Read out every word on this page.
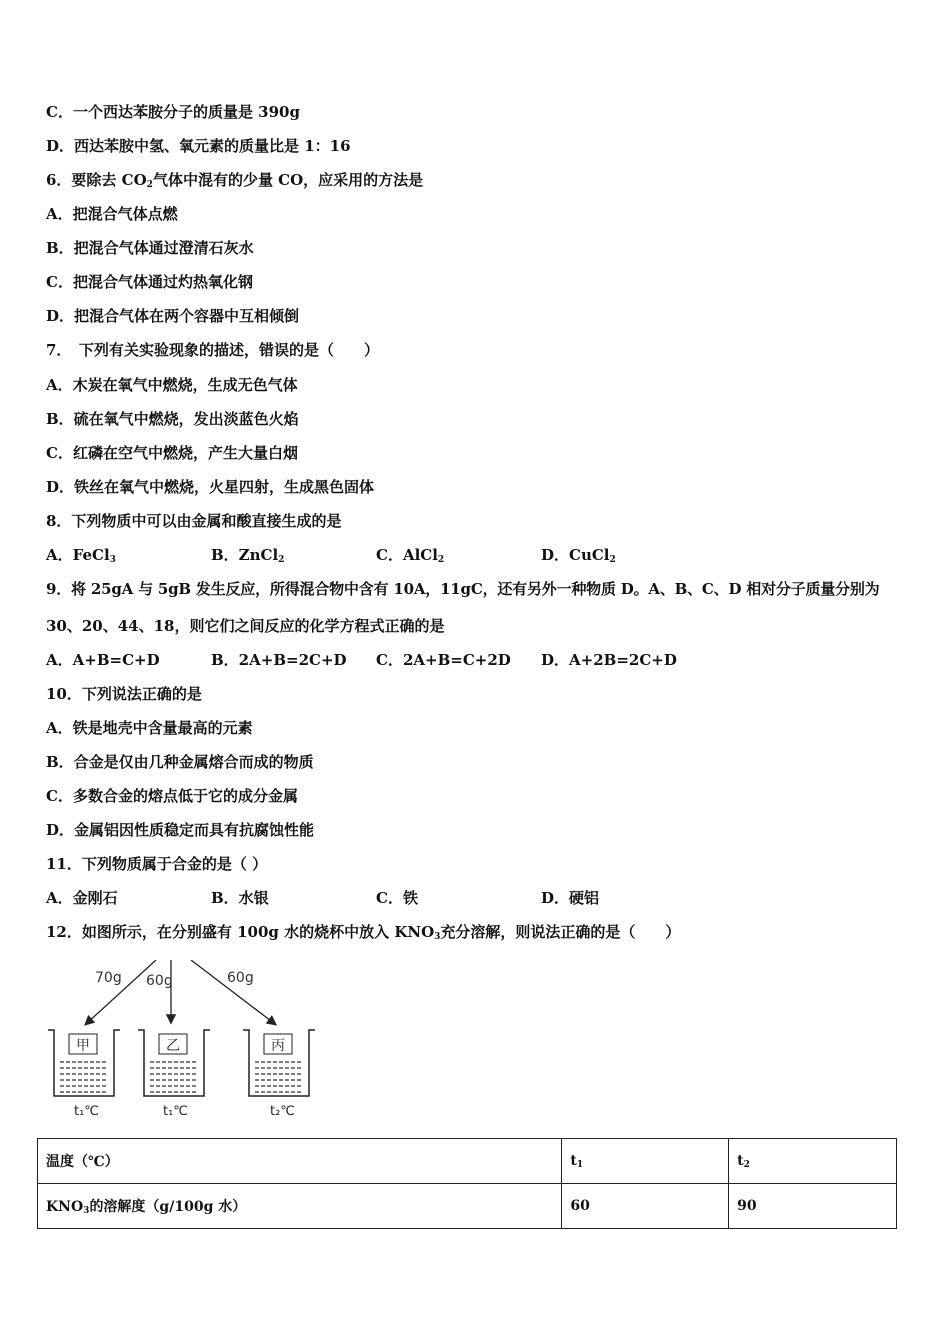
C．一个西达苯胺分子的质量是 390g
D．西达苯胺中氢、氧元素的质量比是 1：16
6．要除去 $CO_2$气体中混有的少量 CO，应采用的方法是
A．把混合气体点燃
B．把混合气体通过澄清石灰水
C．把混合气体通过灼热氧化钢
D．把混合气体在两个容器中互相倾倒
7．　下列有关实验现象的描述，错误的是（　　）
A．木炭在氧气中燃烧，生成无色气体
B．硫在氧气中燃烧，发出淡蓝色火焰
C．红磷在空气中燃烧，产生大量白烟
D．铁丝在氧气中燃烧，火星四射，生成黑色固体
8．下列物质中可以由金属和酸直接生成的是
A．FeCl$_3$	B．ZnCl$_2$	C．AlCl$_2$	D．CuCl$_2$
9．将 25gA 与 5gB 发生反应，所得混合物中含有 10A，11gC，还有另外一种物质 D。A、B、C、D 相对分子质量分别为
30、20、44、18，则它们之间反应的化学方程式正确的是
A．A+B=C+D	B．2A+B=2C+D C．2A+B=C+2D D．A+2B=2C+D
10．下列说法正确的是
A．铁是地壳中含量最高的元素
B．合金是仅由几种金属熔合而成的物质
C．多数合金的熔点低于它的成分金属
D．金属铝因性质稳定而具有抗腐蚀性能
11．下列物质属于合金的是（ ）
A．金刚石	B．水银	C．铁	D．硬铝
12．如图所示，在分别盛有 100g 水的烧杯中放入 $KNO_3$充分溶解，则说法正确的是（　　）
70g 60g	60g
甲
t₁℃
乙
t₁℃
丙
t₂℃
温度（℃）	$t_1$	$t_2$
$KNO_3$的溶解度（g/100g 水）	60	90
